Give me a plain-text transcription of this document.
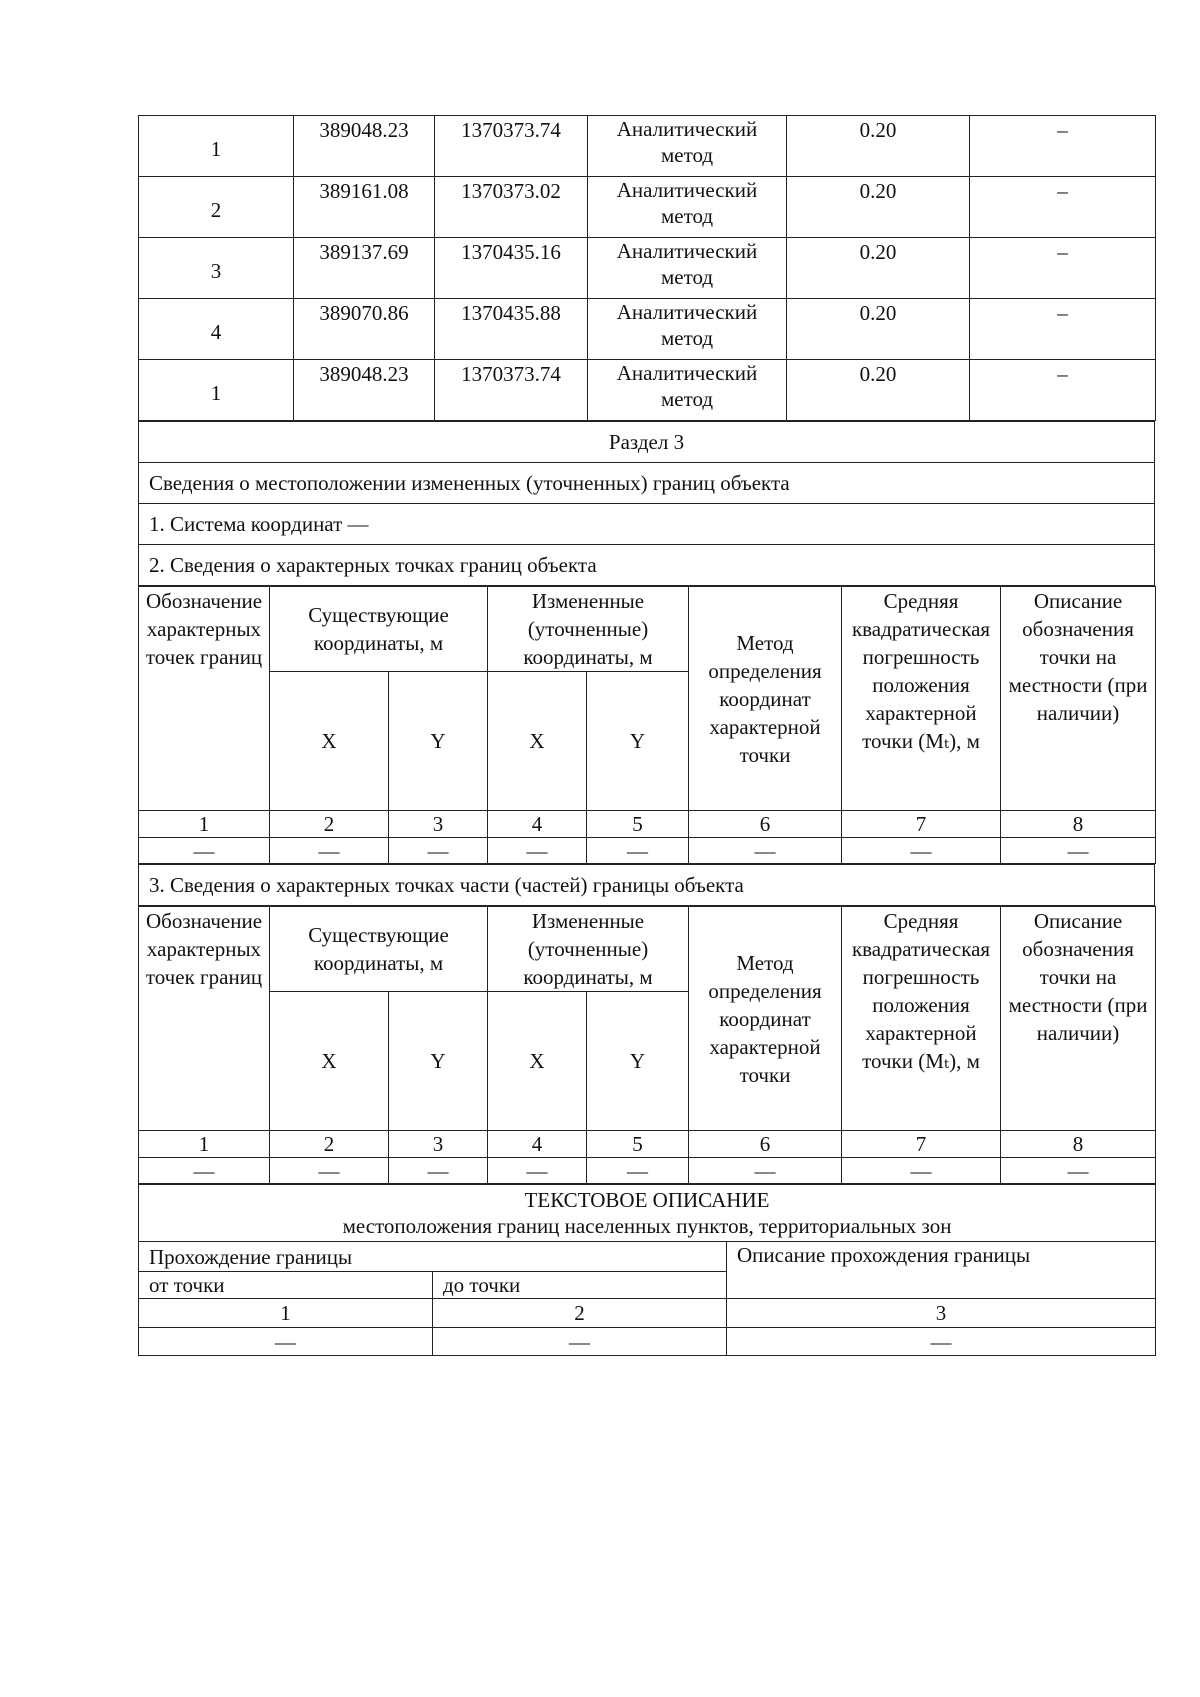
1	389048.23	1370373.74	Аналитический метод	0.20	–
2	389161.08	1370373.02	Аналитический метод	0.20	–
3	389137.69	1370435.16	Аналитический метод	0.20	–
4	389070.86	1370435.88	Аналитический метод	0.20	–
1	389048.23	1370373.74	Аналитический метод	0.20	–
Раздел 3
Сведения о местоположении измененных (уточненных) границ объекта
1. Система координат —
2. Сведения о характерных точках границ объекта
Обозначение характерных точек границ	Существующие координаты, м		Измененные (уточненные) координаты, м		Метод определения координат характерной точки	Средняя квадратическая погрешность положения характерной точки (Mₜ), м	Описание обозначения точки на местности (при наличии)
	X	Y	X	Y			
1	2	3	4	5	6	7	8
—	—	—	—	—	—	—	—
3. Сведения о характерных точках части (частей) границы объекта
Обозначение характерных точек границ	Существующие координаты, м		Измененные (уточненные) координаты, м		Метод определения координат характерной точки	Средняя квадратическая погрешность положения характерной точки (Mₜ), м	Описание обозначения точки на местности (при наличии)
	X	Y	X	Y			
1	2	3	4	5	6	7	8
—	—	—	—	—	—	—	—
ТЕКСТОВОЕ ОПИСАНИЕ
местоположения границ населенных пунктов, территориальных зон		

Прохождение границы		Описание прохождения границы
от точки	до точки	
1	2	3
—	—	—
